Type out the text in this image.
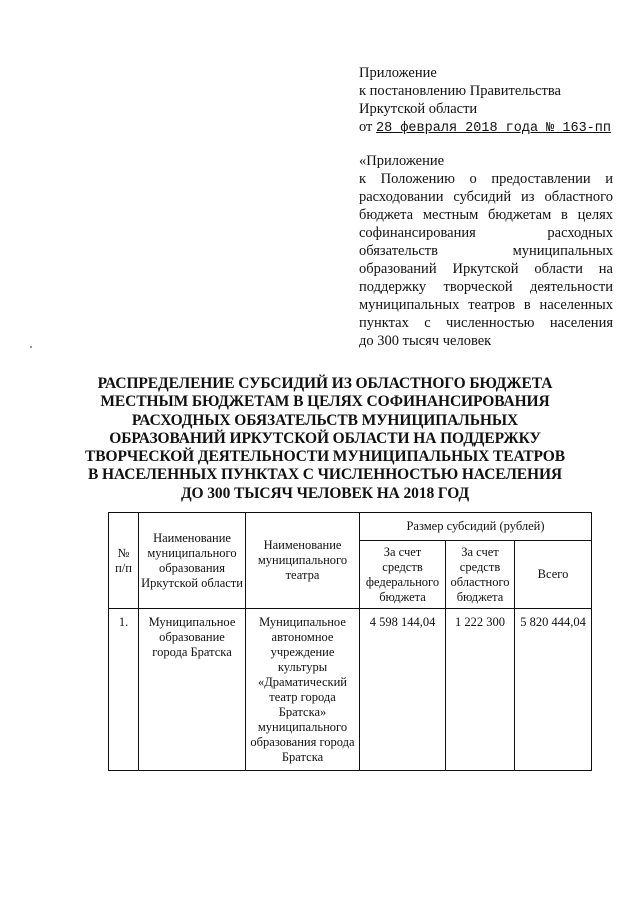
Приложение
к постановлению Правительства
Иркутской области
от 28 февраля 2018 года № 163-пп
«Приложение
к Положению о предоставлении и
расходовании субсидий из областного
бюджета местным бюджетам в целях
софинансирования расходных
обязательств муниципальных
образований Иркутской области на
поддержку творческой деятельности
муниципальных театров в населенных
пунктах с численностью населения
до 300 тысяч человек
РАСПРЕДЕЛЕНИЕ СУБСИДИЙ ИЗ ОБЛАСТНОГО БЮДЖЕТА
МЕСТНЫМ БЮДЖЕТАМ В ЦЕЛЯХ СОФИНАНСИРОВАНИЯ
РАСХОДНЫХ ОБЯЗАТЕЛЬСТВ МУНИЦИПАЛЬНЫХ
ОБРАЗОВАНИЙ ИРКУТСКОЙ ОБЛАСТИ НА ПОДДЕРЖКУ
ТВОРЧЕСКОЙ ДЕЯТЕЛЬНОСТИ МУНИЦИПАЛЬНЫХ ТЕАТРОВ
В НАСЕЛЕННЫХ ПУНКТАХ С ЧИСЛЕННОСТЬЮ НАСЕЛЕНИЯ
ДО 300 ТЫСЯЧ ЧЕЛОВЕК НА 2018 ГОД
№ п/п	Наименование муниципального образования Иркутской области	Наименование муниципального театра	Размер субсидий (рублей)		

			За счет средств федерального бюджета	За счет средств областного бюджета	Всего

1.	Муниципальное образование города Братска	Муниципальное автономное учреждение культуры «Драматический театр города Братска» муниципального образования города Братска	4 598 144,04	1 222 300	5 820 444,04
